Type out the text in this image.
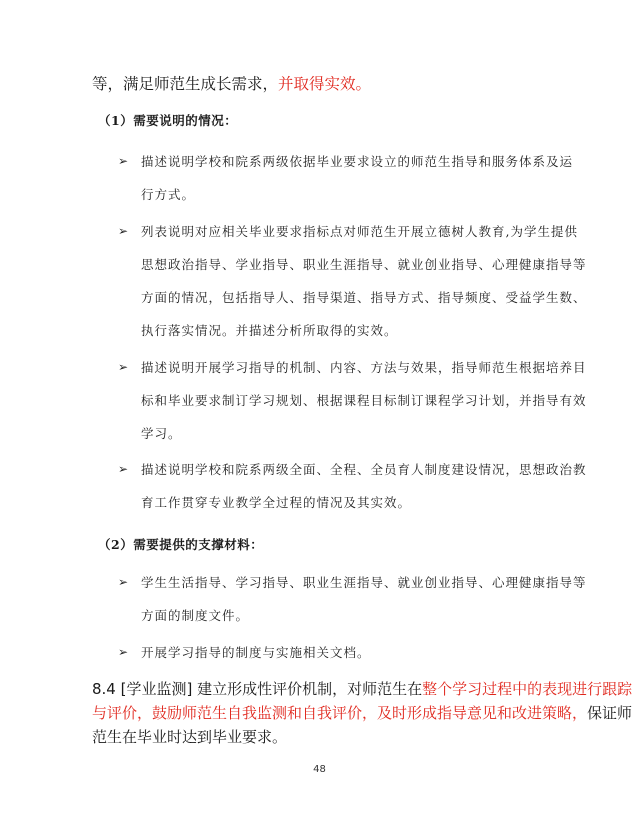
等，满足师范生成长需求，并取得实效。
（1）需要说明的情况：
➢ 描述说明学校和院系两级依据毕业要求设立的师范生指导和服务体系及运
行方式。
➢ 列表说明对应相关毕业要求指标点对师范生开展立德树人教育,为学生提供
思想政治指导、学业指导、职业生涯指导、就业创业指导、心理健康指导等
方面的情况，包括指导人、指导渠道、指导方式、指导频度、受益学生数、
执行落实情况。并描述分析所取得的实效。
➢ 描述说明开展学习指导的机制、内容、方法与效果，指导师范生根据培养目
标和毕业要求制订学习规划、根据课程目标制订课程学习计划，并指导有效
学习。
➢ 描述说明学校和院系两级全面、全程、全员育人制度建设情况，思想政治教
育工作贯穿专业教学全过程的情况及其实效。
（2）需要提供的支撑材料：
➢ 学生生活指导、学习指导、职业生涯指导、就业创业指导、心理健康指导等
方面的制度文件。
➢ 开展学习指导的制度与实施相关文档。
8.4 [学业监测] 建立形成性评价机制，对师范生在整个学习过程中的表现进行跟踪
与评价，鼓励师范生自我监测和自我评价，及时形成指导意见和改进策略，保证师
范生在毕业时达到毕业要求。
48
